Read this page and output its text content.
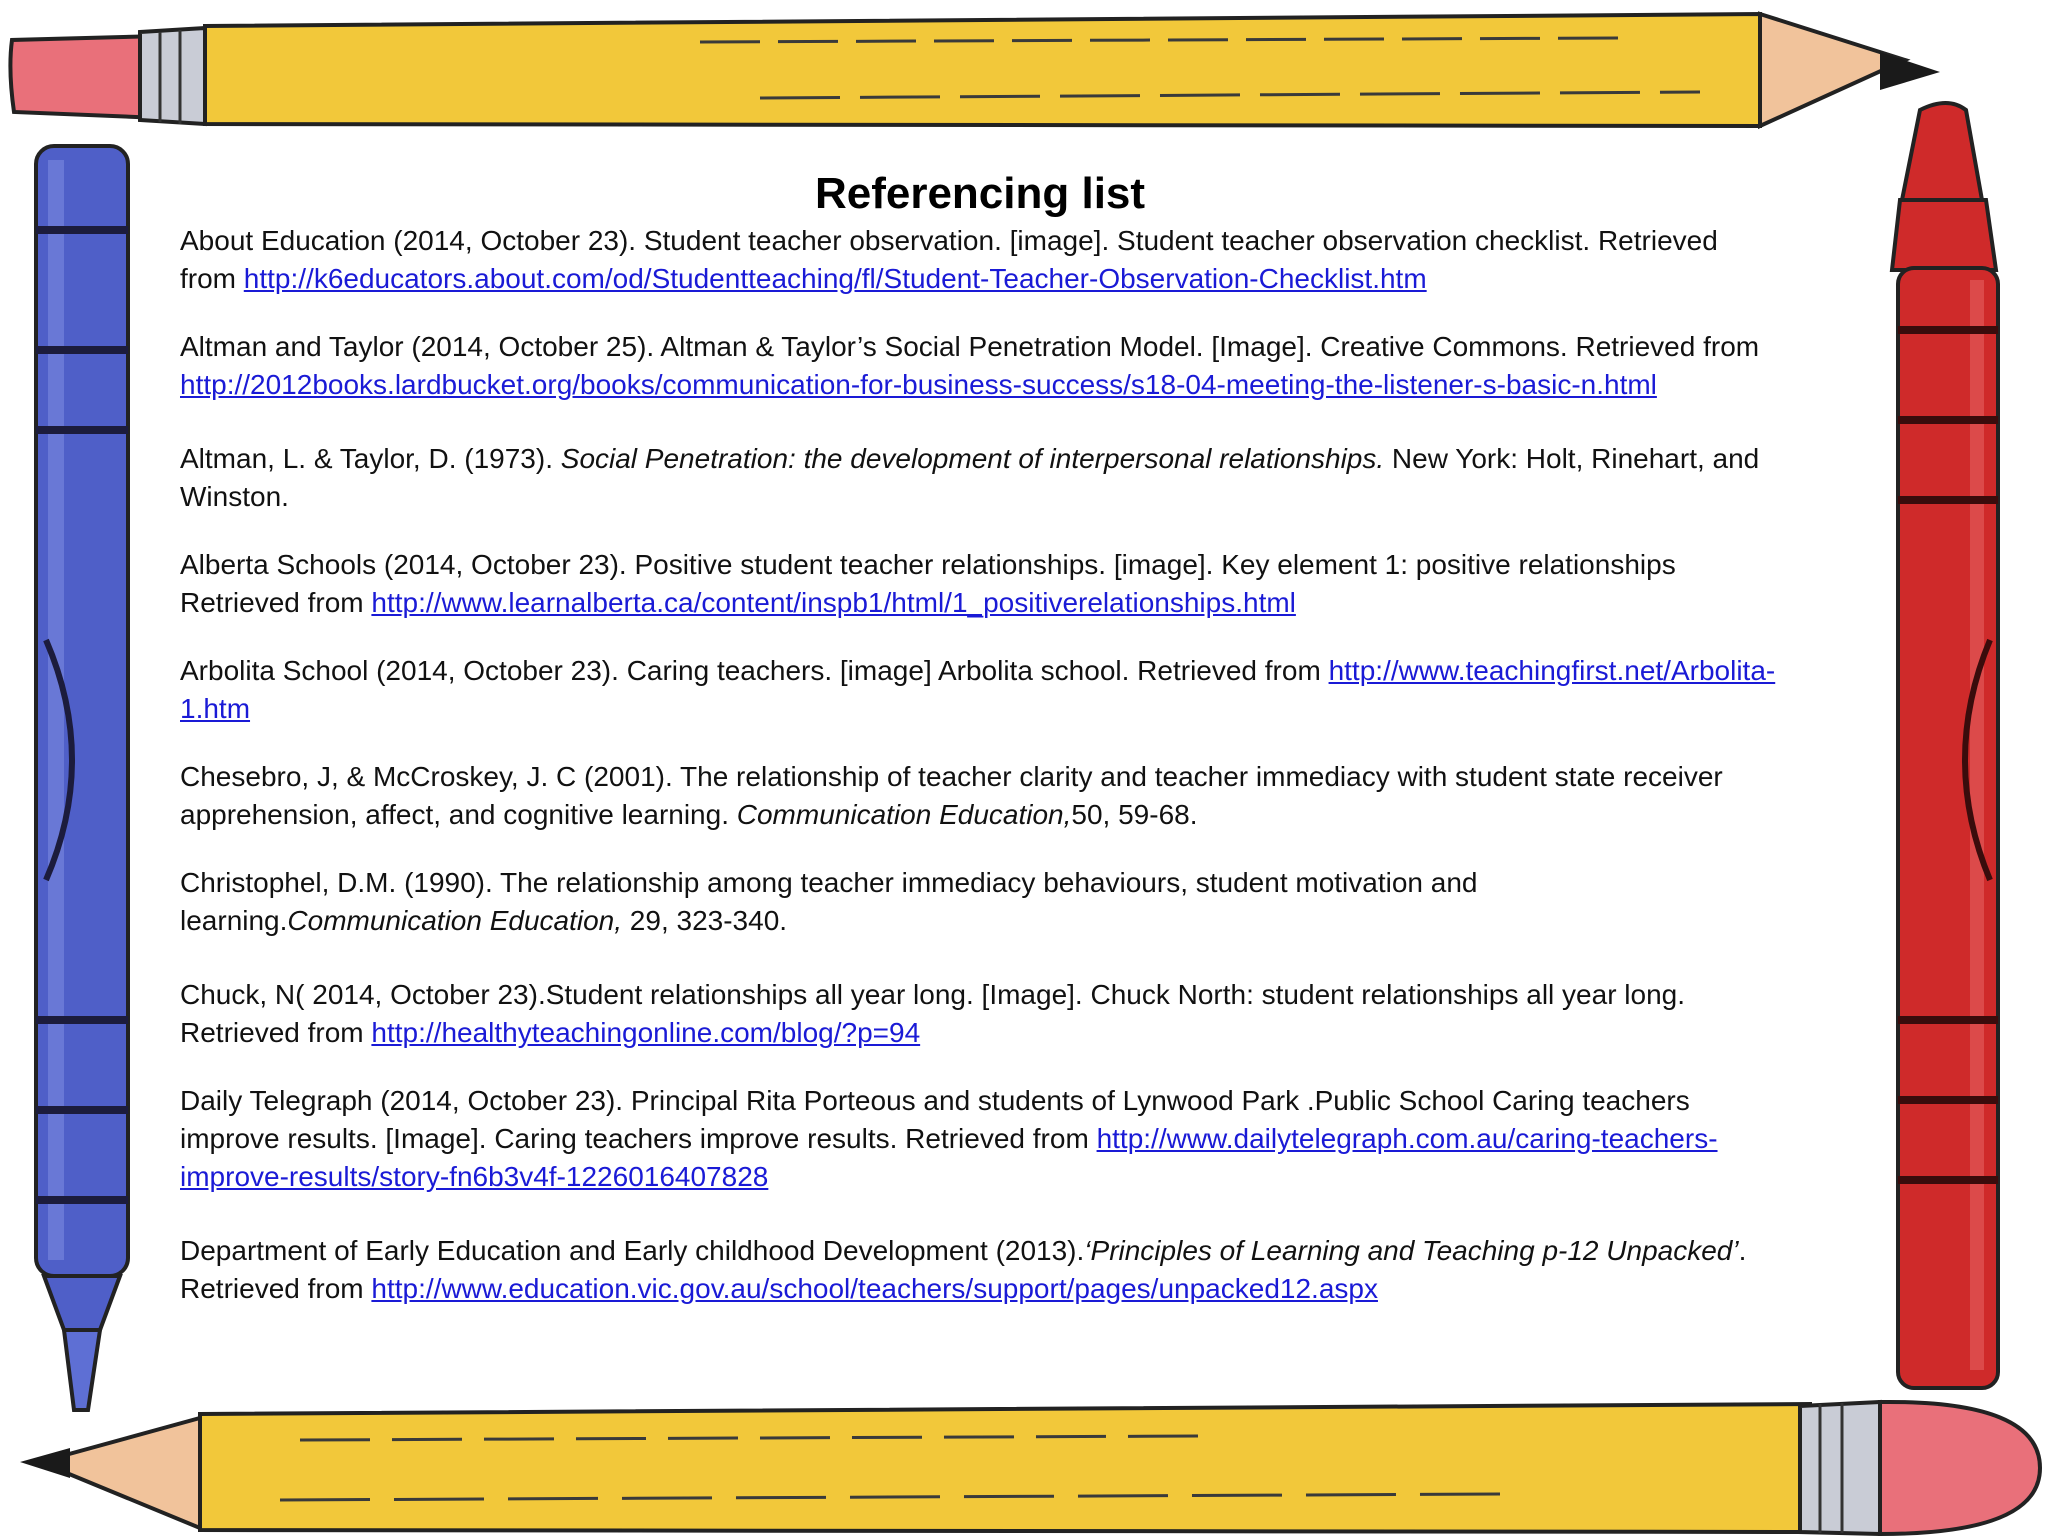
Referencing list

About Education (2014, October 23). Student teacher observation. [image]. Student teacher observation checklist. Retrieved from http://k6educators.about.com/od/Studentteaching/fl/Student-Teacher-Observation-Checklist.htm

Altman and Taylor (2014, October 25). Altman & Taylor’s Social Penetration Model. [Image]. Creative Commons. Retrieved from http://2012books.lardbucket.org/books/communication-for-business-success/s18-04-meeting-the-listener-s-basic-n.html

Altman, L. & Taylor, D. (1973). Social Penetration: the development of interpersonal relationships. New York: Holt, Rinehart, and Winston.

Alberta Schools (2014, October 23). Positive student teacher relationships. [image]. Key element 1: positive relationships Retrieved from http://www.learnalberta.ca/content/inspb1/html/1_positiverelationships.html

Arbolita School (2014, October 23). Caring teachers. [image] Arbolita school. Retrieved from http://www.teachingfirst.net/Arbolita-1.htm

Chesebro, J, & McCroskey, J. C (2001). The relationship of teacher clarity and teacher immediacy with student state receiver apprehension, affect, and cognitive learning. Communication Education,50, 59-68.

Christophel, D.M. (1990). The relationship among teacher immediacy behaviours, student motivation and learning.Communication Education, 29, 323-340.

Chuck, N( 2014, October 23).Student relationships all year long. [Image]. Chuck North: student relationships all year long. Retrieved from http://healthyteachingonline.com/blog/?p=94

Daily Telegraph (2014, October 23). Principal Rita Porteous and students of Lynwood Park .Public School Caring teachers improve results. [Image]. Caring teachers improve results. Retrieved from http://www.dailytelegraph.com.au/caring-teachers-improve-results/story-fn6b3v4f-1226016407828

Department of Early Education and Early childhood Development (2013).‘Principles of Learning and Teaching p-12 Unpacked’. Retrieved from http://www.education.vic.gov.au/school/teachers/support/pages/unpacked12.aspx
